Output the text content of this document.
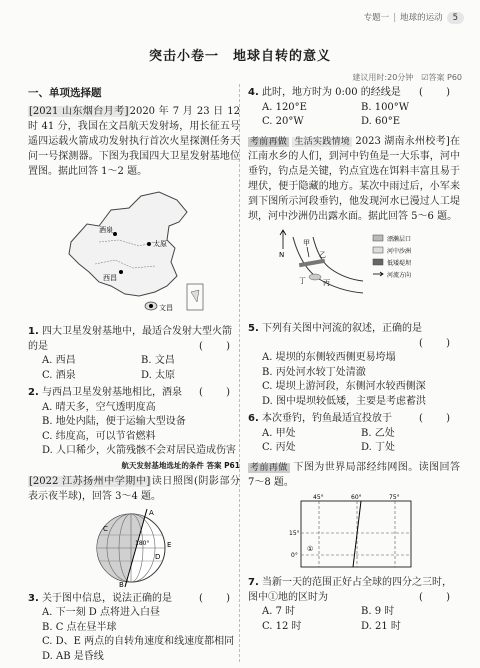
专题一 | 地球的运动	5
突击小卷一　地球自转的意义
建议用时:20分钟　 ☑答案 P60
一、单项选择题

[2021 山东烟台月考]2020 年 7 月 23 日 12 时 41 分，我国在文昌航天发射场，用长征五号遥四运载火箭成功发射执行首次火星探测任务天问一号探测器。下图为我国四大卫星发射基地位置图。据此回答 1～2 题。

酒泉
太原
西昌
文昌
1. 四大卫星发射基地中，最适合发射大型火箭的是	( )
A. 西昌	B. 文昌
C. 酒泉	D. 太原
2. 与西昌卫星发射基地相比，酒泉 ( )
A. 晴天多，空气透明度高
B. 地处内陆，便于运输大型设备
C. 纬度高，可以节省燃料
D. 人口稀少，火箭残骸不会对居民造成伤害
航天发射基地选址的条件 答案 P61

[2022 江苏扬州中学期中]读日照图(阴影部分表示夜半球)，回答 3～4 题。

A
B
C
D
E
180°
3. 关于图中信息，说法正确的是	( )
A. 下一刻 D 点将进入白昼
B. C 点在昼半球
C. D、E 两点的自转角速度和线速度都相同
D. AB 是昏线
4. 此时，地方时为 0:00 的经线是 ( )
A. 120°E	B. 100°W
C. 20°W	D. 60°E

考前再做 生活实践情境 2023 湖南永州校考]在江南水乡的人们，到河中钓鱼是一大乐事，河中垂钓，钓点是关键，钓点宜选在饵料丰富且易于埋伏，便于隐藏的地方。某次中雨过后，小军来到下图所示河段垂钓，他发现河水已漫过人工堤坝，河中沙洲仍出露水面。据此回答 5～6 题。

N
甲
乙
丙
丁
漂濑层口
河中沙洲
低矮堤坝
河流方向
5. 下列有关图中河流的叙述，正确的是
( )
A. 堤坝的东侧较西侧更易垮塌
B. 丙处河水较丁处清澈
C. 堤坝上游河段，东侧河水较西侧深
D. 图中堤坝较低矮，主要是考虑蓄洪
6. 本次垂钓，钓鱼最适宜投放于	( )
A. 甲处	B. 乙处
C. 丙处	D. 丁处

考前再做 下图为世界局部经纬网图。读图回答 7～8 题。

45°	60°	75°
15°
0°
①
7. 当新一天的范围正好占全球的四分之三时，图中①地的区时为	( )
A. 7 时	B. 9 时
C. 12 时	D. 21 时
